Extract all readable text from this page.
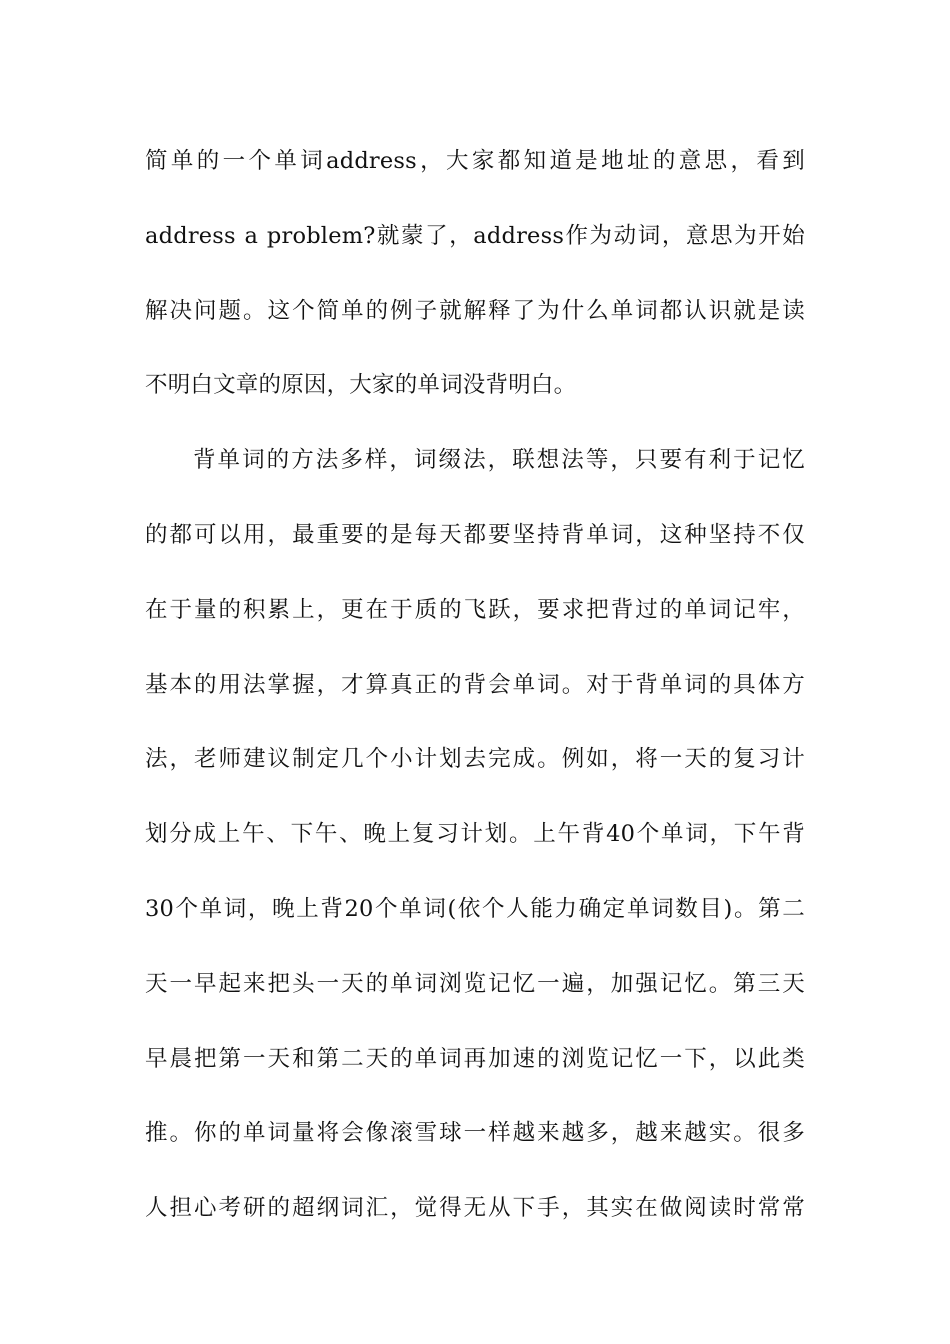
简单的一个单词address，大家都知道是地址的意思，看到
address a problem?就蒙了，address作为动词，意思为开始
解决问题。这个简单的例子就解释了为什么单词都认识就是读
不明白文章的原因，大家的单词没背明白。
背单词的方法多样，词缀法，联想法等，只要有利于记忆
的都可以用，最重要的是每天都要坚持背单词，这种坚持不仅
在于量的积累上，更在于质的飞跃，要求把背过的单词记牢，
基本的用法掌握，才算真正的背会单词。对于背单词的具体方
法，老师建议制定几个小计划去完成。例如，将一天的复习计
划分成上午、下午、晚上复习计划。上午背40个单词，下午背
30个单词，晚上背20个单词(依个人能力确定单词数目)。第二
天一早起来把头一天的单词浏览记忆一遍，加强记忆。第三天
早晨把第一天和第二天的单词再加速的浏览记忆一下，以此类
推。你的单词量将会像滚雪球一样越来越多，越来越实。很多
人担心考研的超纲词汇，觉得无从下手，其实在做阅读时常常
